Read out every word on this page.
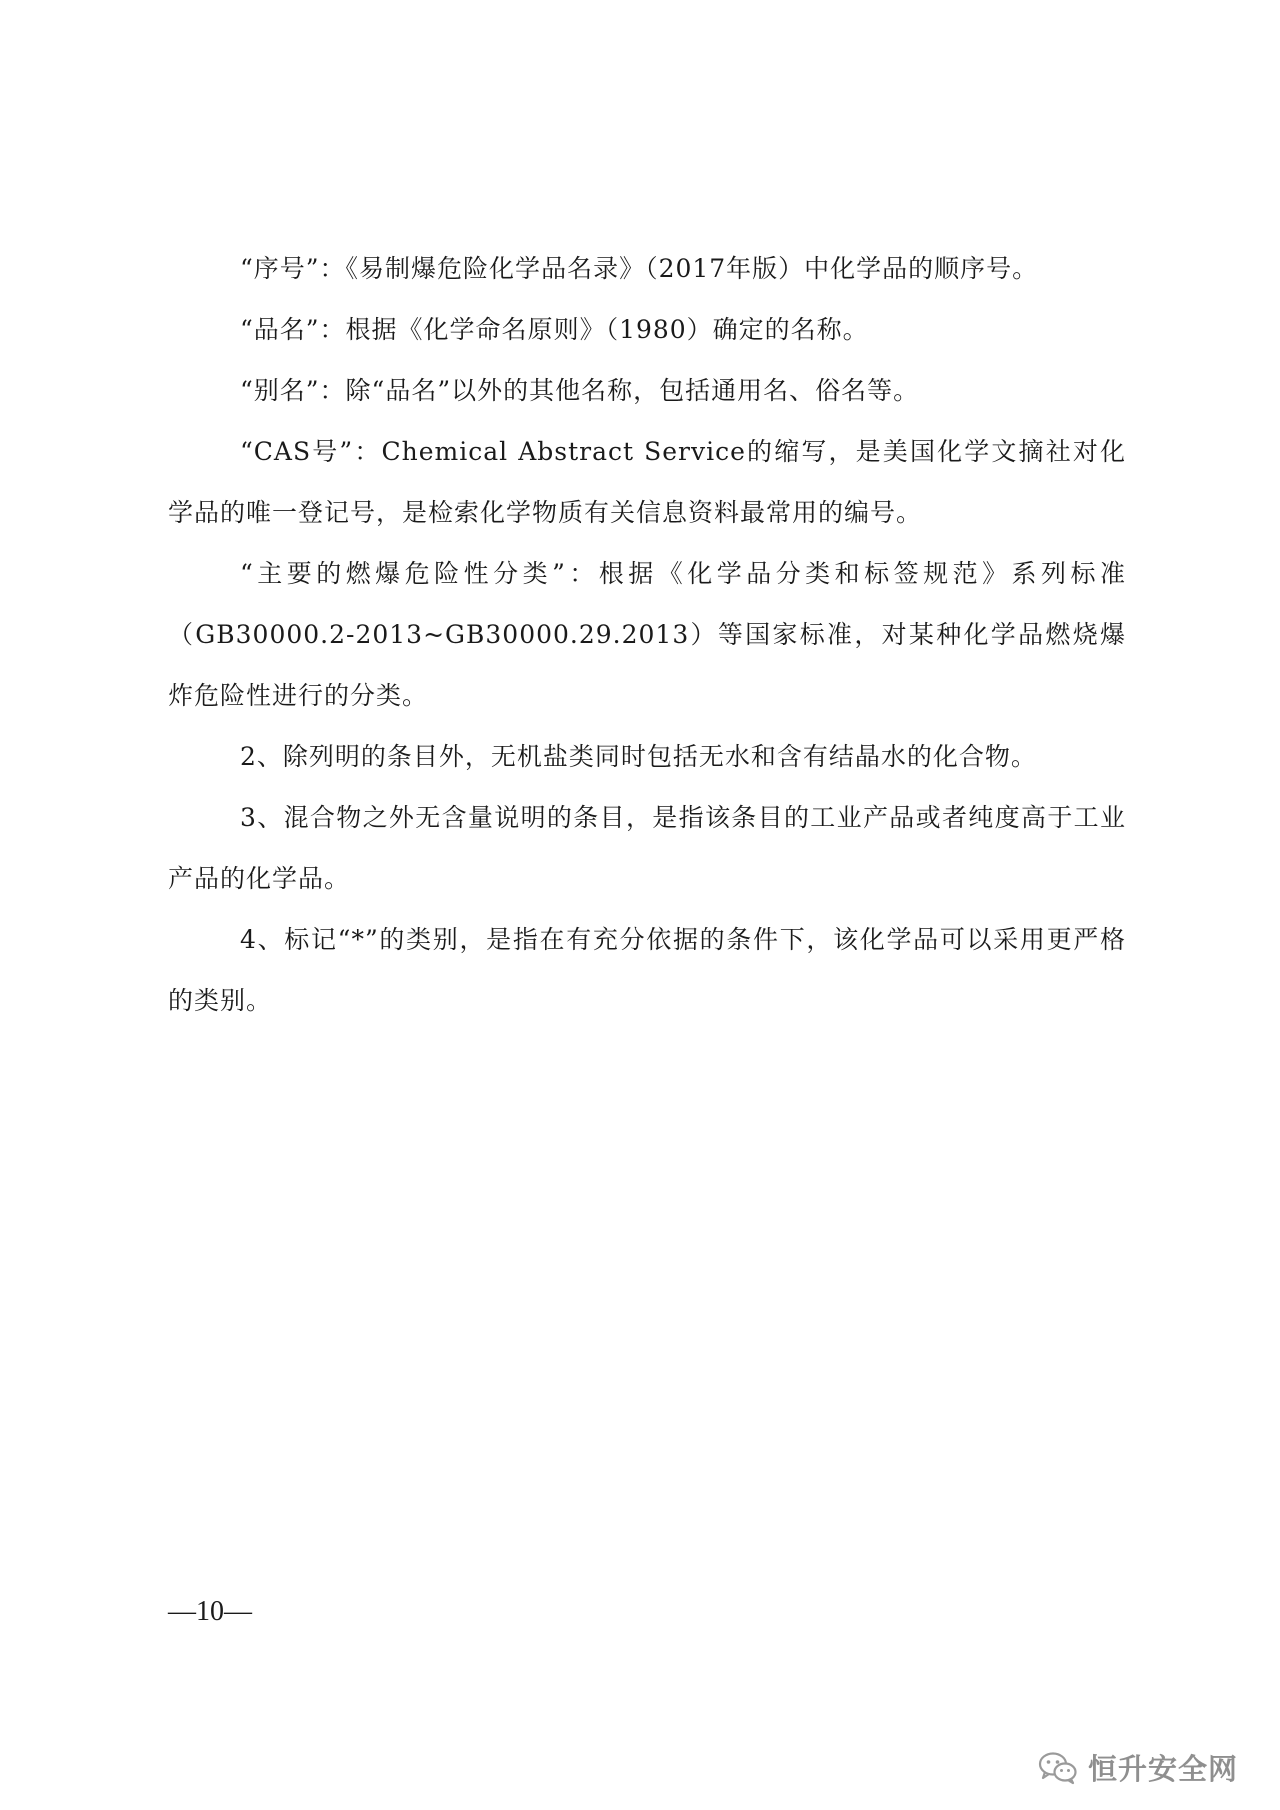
“序号”：《易制爆危险化学品名录》（2017年版）中化学品的顺序号。

“品名”：根据《化学命名原则》（1980）确定的名称。

“别名”：除“品名”以外的其他名称，包括通用名、俗名等。

“CAS号”：Chemical Abstract Service的缩写，是美国化学文摘社对化学品的唯一登记号，是检索化学物质有关信息资料最常用的编号。

“主要的燃爆危险性分类”：根据《化学品分类和标签规范》系列标准（GB30000.2-2013~GB30000.29.2013）等国家标准，对某种化学品燃烧爆炸危险性进行的分类。

2、除列明的条目外，无机盐类同时包括无水和含有结晶水的化合物。

3、混合物之外无含量说明的条目，是指该条目的工业产品或者纯度高于工业产品的化学品。

4、标记“*”的类别，是指在有充分依据的条件下，该化学品可以采用更严格的类别。

—10—
恒升安全网
